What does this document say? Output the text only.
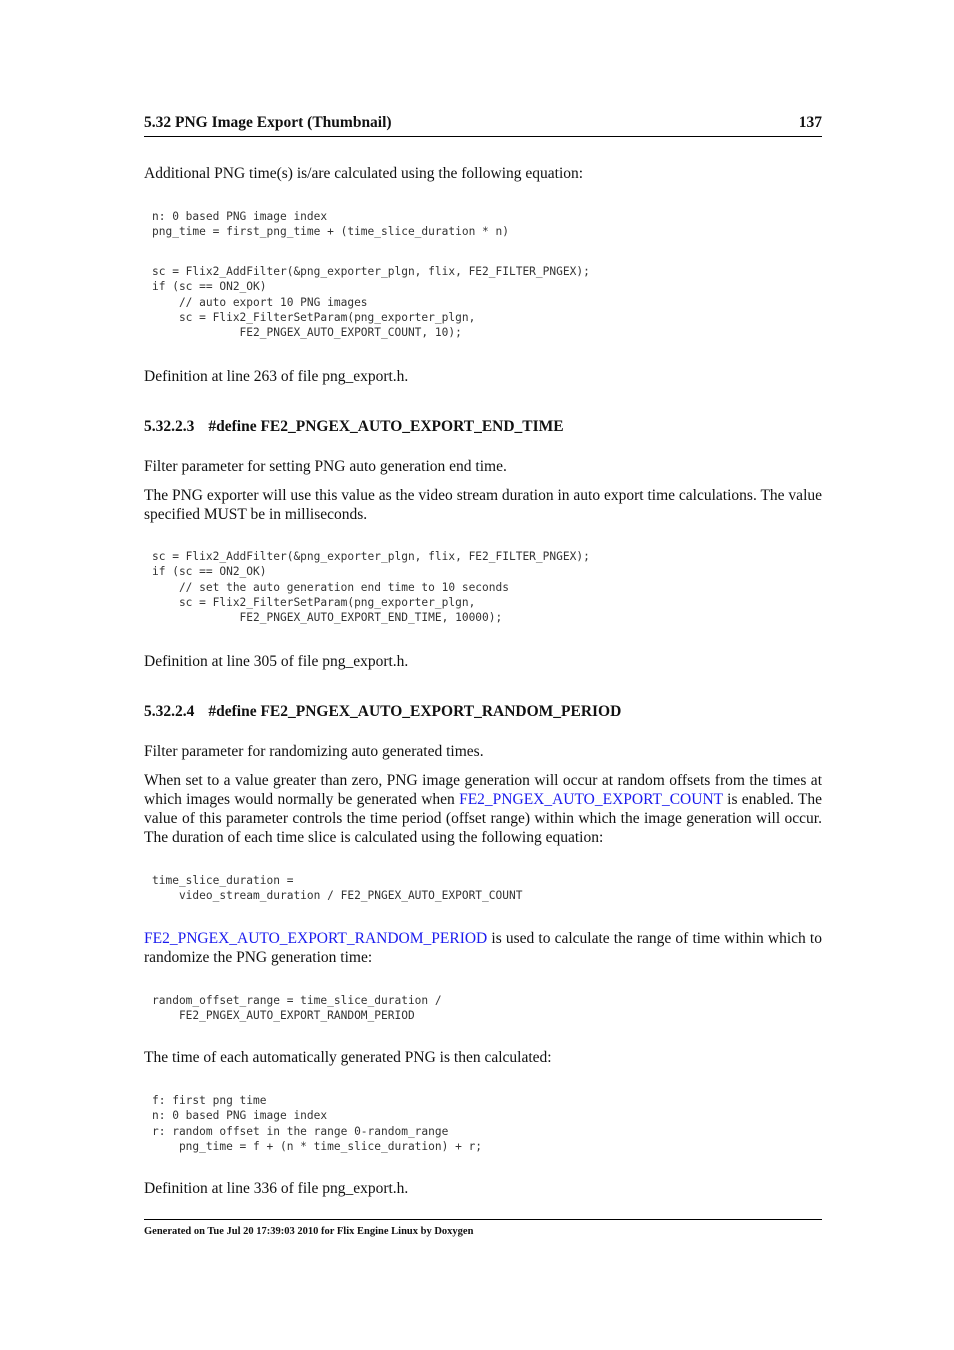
5.32 PNG Image Export (Thumbnail)	137

Additional PNG time(s) is/are calculated using the following equation:

n: 0 based PNG image index
png_time = first_png_time + (time_slice_duration * n)
sc = Flix2_AddFilter(&png_exporter_plgn, flix, FE2_FILTER_PNGEX);
if (sc == ON2_OK)
// auto export 10 PNG images
sc = Flix2_FilterSetParam(png_exporter_plgn,
FE2_PNGEX_AUTO_EXPORT_COUNT, 10);

Definition at line 263 of file png_export.h.

5.32.2.3 #define FE2_PNGEX_AUTO_EXPORT_END_TIME

Filter parameter for setting PNG auto generation end time.

The PNG exporter will use this value as the video stream duration in auto export time calculations. The value specified MUST be in milliseconds.

sc = Flix2_AddFilter(&png_exporter_plgn, flix, FE2_FILTER_PNGEX);
if (sc == ON2_OK)
// set the auto generation end time to 10 seconds
sc = Flix2_FilterSetParam(png_exporter_plgn,
FE2_PNGEX_AUTO_EXPORT_END_TIME, 10000);

Definition at line 305 of file png_export.h.

5.32.2.4 #define FE2_PNGEX_AUTO_EXPORT_RANDOM_PERIOD

Filter parameter for randomizing auto generated times.

When set to a value greater than zero, PNG image generation will occur at random offsets from the times at which images would normally be generated when FE2_PNGEX_AUTO_EXPORT_COUNT is enabled. The value of this parameter controls the time period (offset range) within which the image generation will occur. The duration of each time slice is calculated using the following equation:

time_slice_duration =
video_stream_duration / FE2_PNGEX_AUTO_EXPORT_COUNT

FE2_PNGEX_AUTO_EXPORT_RANDOM_PERIOD is used to calculate the range of time within which to randomize the PNG generation time:

random_offset_range = time_slice_duration /
FE2_PNGEX_AUTO_EXPORT_RANDOM_PERIOD

The time of each automatically generated PNG is then calculated:

f: first png time
n: 0 based PNG image index
r: random offset in the range 0-random_range
png_time = f + (n * time_slice_duration) + r;

Definition at line 336 of file png_export.h.

Generated on Tue Jul 20 17:39:03 2010 for Flix Engine Linux by Doxygen
